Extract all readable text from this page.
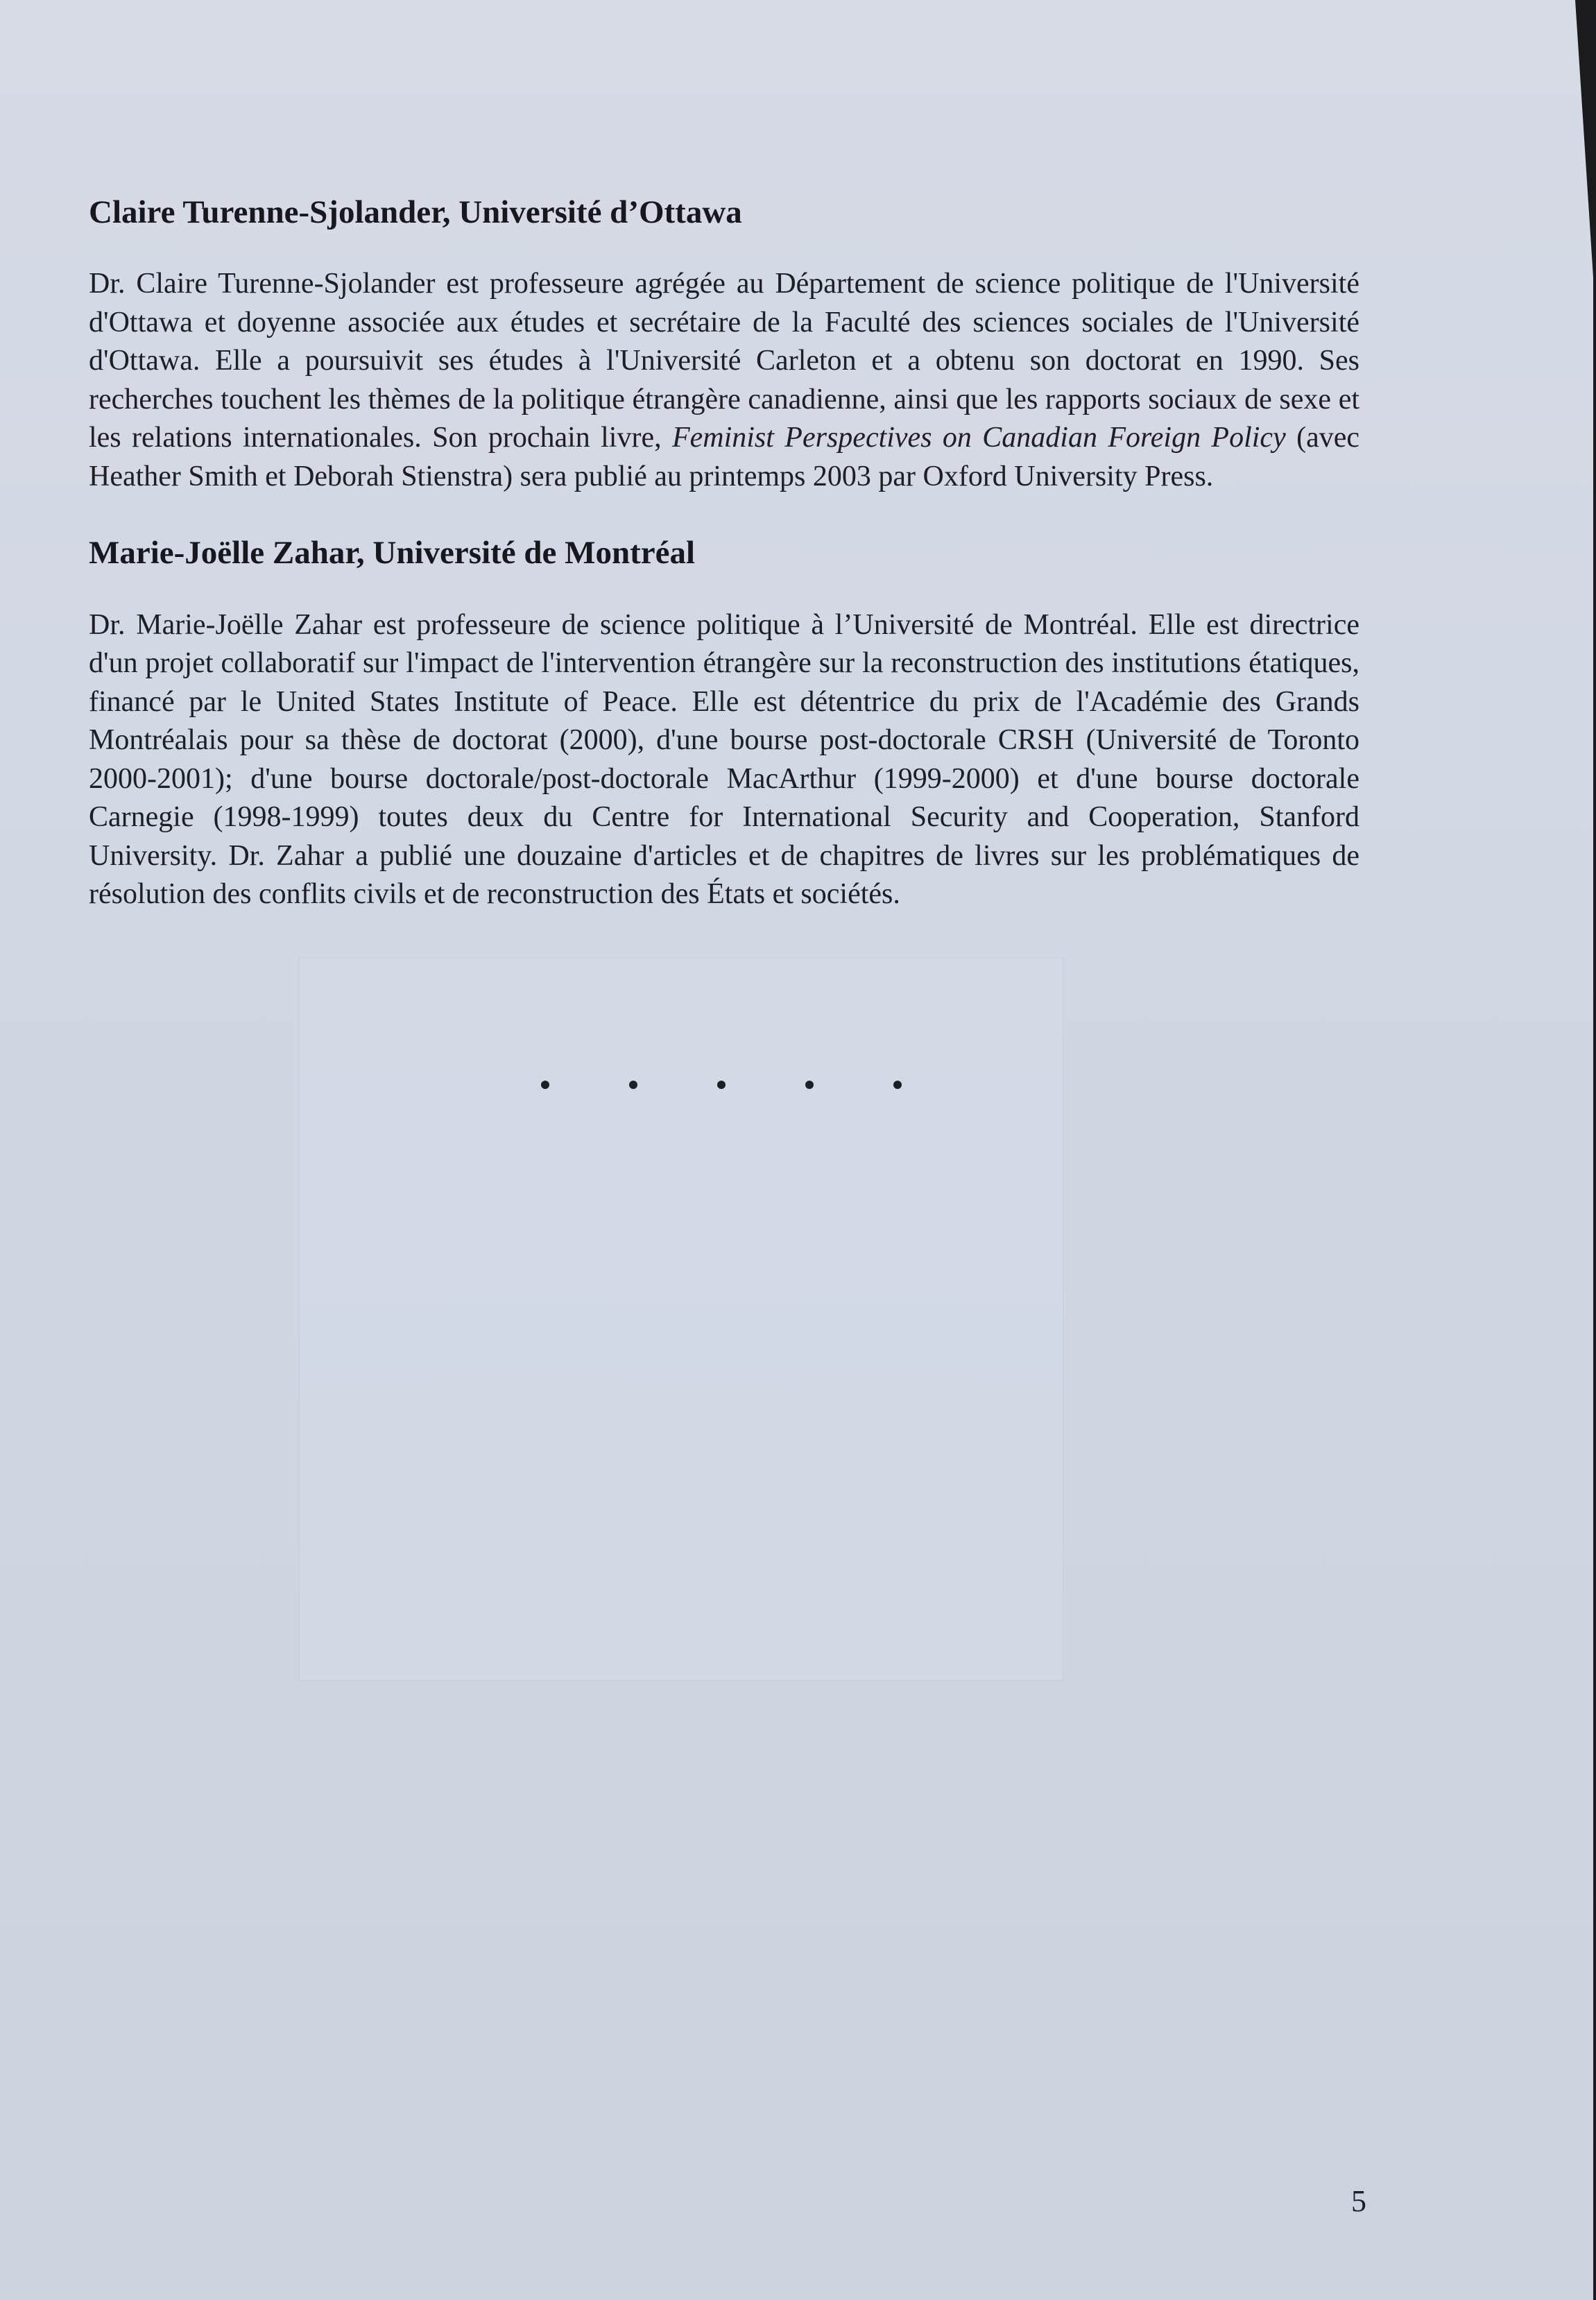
Claire Turenne-Sjolander, Université d’Ottawa

Dr. Claire Turenne-Sjolander est professeure agrégée au Département de science politique de l'Université d'Ottawa et doyenne associée aux études et secrétaire de la Faculté des sciences sociales de l'Université d'Ottawa. Elle a poursuivit ses études à l'Université Carleton et a obtenu son doctorat en 1990. Ses recherches touchent les thèmes de la politique étrangère canadienne, ainsi que les rapports sociaux de sexe et les relations internationales. Son prochain livre, Feminist Perspectives on Canadian Foreign Policy (avec Heather Smith et Deborah Stienstra) sera publié au printemps 2003 par Oxford University Press.

Marie-Joëlle Zahar, Université de Montréal

Dr. Marie-Joëlle Zahar est professeure de science politique à l’Université de Montréal. Elle est directrice d'un projet collaboratif sur l'impact de l'intervention étrangère sur la reconstruction des institutions étatiques, financé par le United States Institute of Peace. Elle est détentrice du prix de l'Académie des Grands Montréalais pour sa thèse de doctorat (2000), d'une bourse post-doctorale CRSH (Université de Toronto 2000-2001); d'une bourse doctorale/post-doctorale MacArthur (1999-2000) et d'une bourse doctorale Carnegie (1998-1999) toutes deux du Centre for International Security and Cooperation, Stanford University. Dr. Zahar a publié une douzaine d'articles et de chapitres de livres sur les problématiques de résolution des conflits civils et de reconstruction des États et sociétés.

5
